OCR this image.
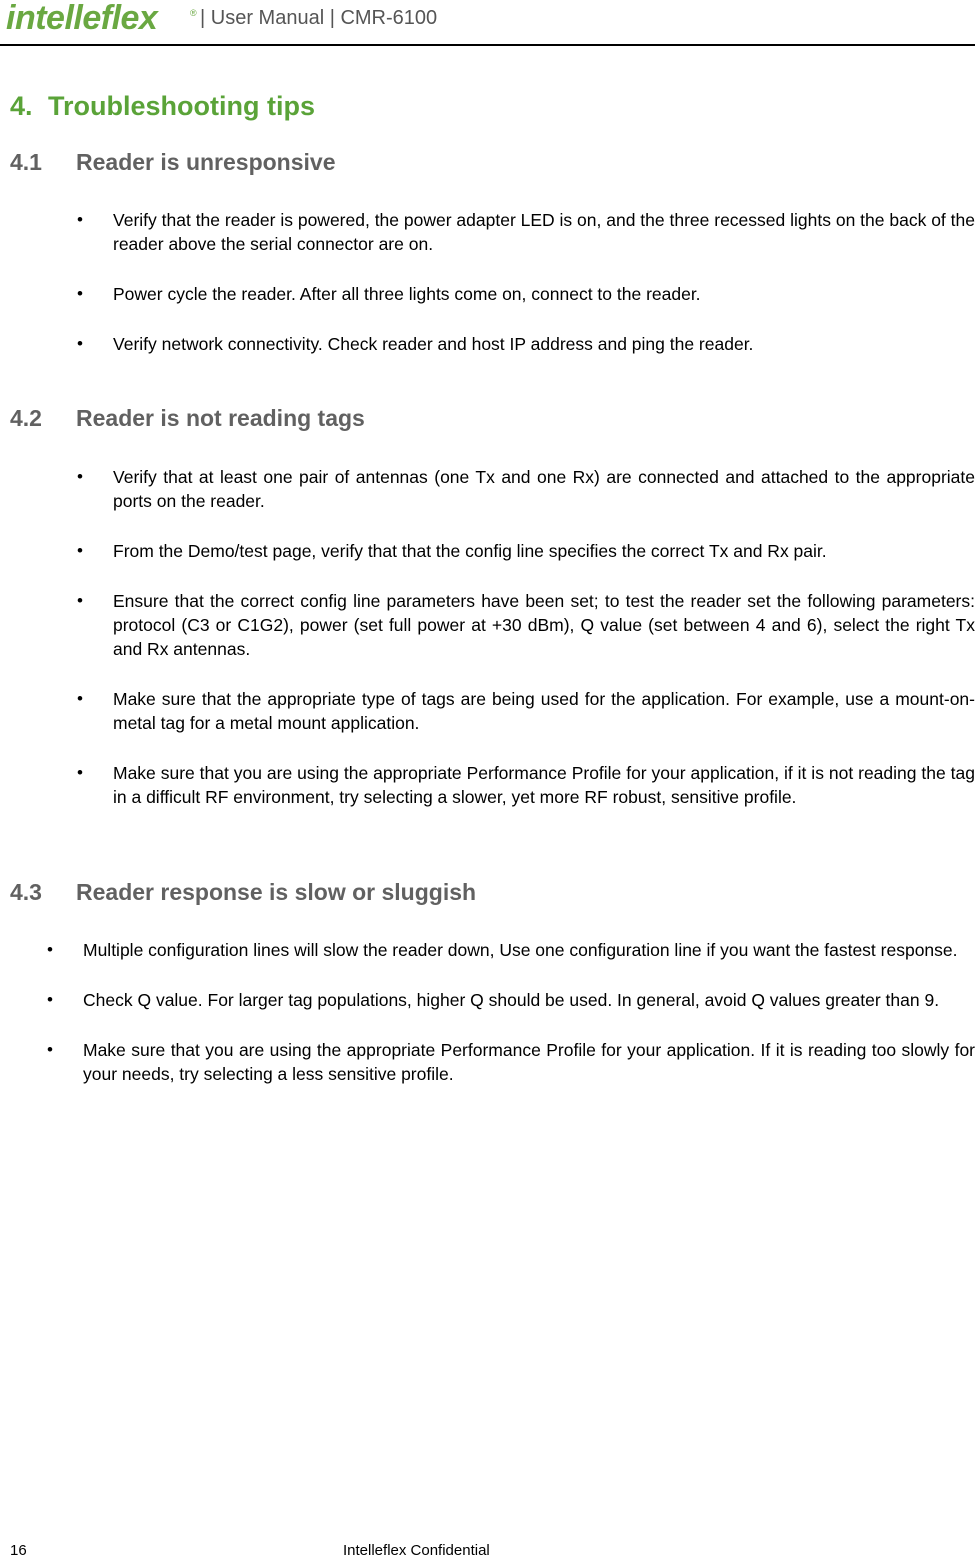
intelleflex	® | User Manual | CMR-6100
4. Troubleshooting tips
4.1 Reader is unresponsive
• Verify that the reader is powered, the power adapter LED is on, and the three recessed lights on the back of the reader above the serial connector are on.
• Power cycle the reader. After all three lights come on, connect to the reader.
• Verify network connectivity. Check reader and host IP address and ping the reader.
4.2 Reader is not reading tags
• Verify that at least one pair of antennas (one Tx and one Rx) are connected and attached to the appropriate ports on the reader.
• From the Demo/test page, verify that that the config line specifies the correct Tx and Rx pair.
• Ensure that the correct config line parameters have been set; to test the reader set the following parameters: protocol (C3 or C1G2), power (set full power at +30 dBm), Q value (set between 4 and 6), select the right Tx and Rx antennas.
• Make sure that the appropriate type of tags are being used for the application. For example, use a mount-on-metal tag for a metal mount application.
• Make sure that you are using the appropriate Performance Profile for your application, if it is not reading the tag in a difficult RF environment, try selecting a slower, yet more RF robust, sensitive profile.
4.3 Reader response is slow or sluggish
• Multiple configuration lines will slow the reader down, Use one configuration line if you want the fastest response.
• Check Q value. For larger tag populations, higher Q should be used. In general, avoid Q values greater than 9.
• Make sure that you are using the appropriate Performance Profile for your application. If it is reading too slowly for your needs, try selecting a less sensitive profile.
16	Intelleflex Confidential
